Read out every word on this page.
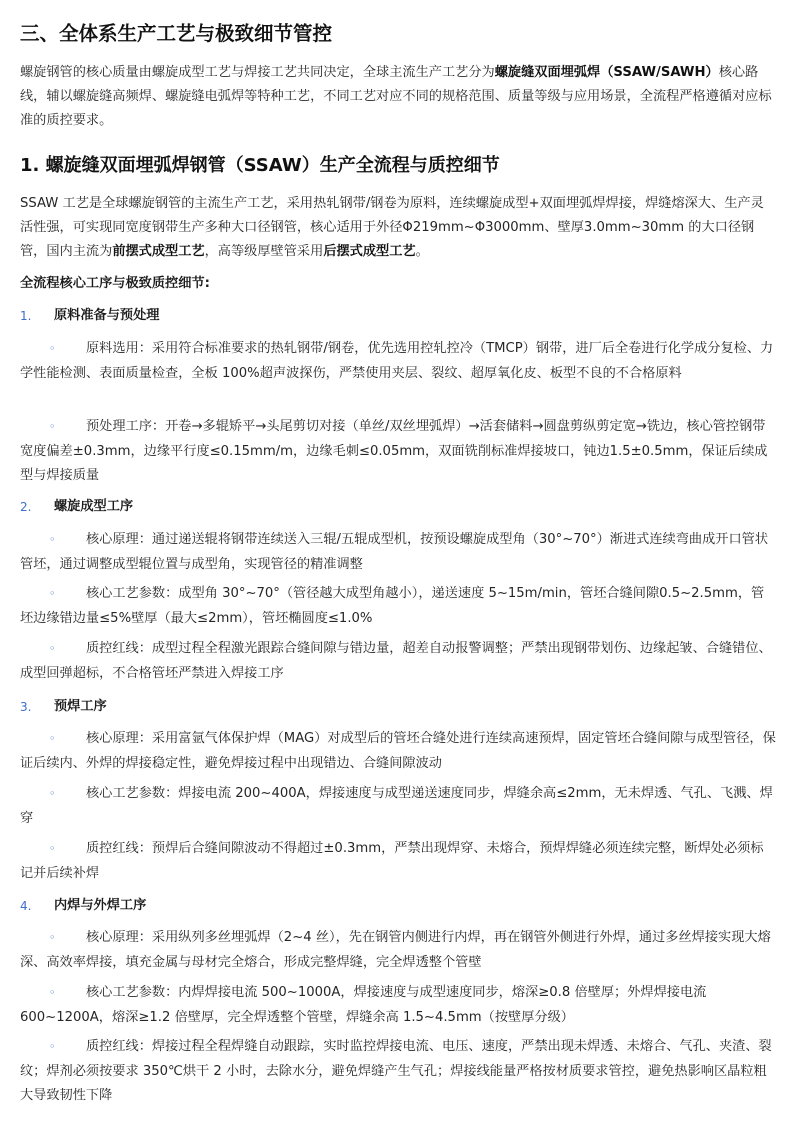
三、全体系生产工艺与极致细节管控

螺旋钢管的核心质量由螺旋成型工艺与焊接工艺共同决定，全球主流生产工艺分为螺旋缝双面埋弧焊（SSAW/SAWH）核心路线，辅以螺旋缝高频焊、螺旋缝电弧焊等特种工艺，不同工艺对应不同的规格范围、质量等级与应用场景，全流程严格遵循对应标准的质控要求。

1. 螺旋缝双面埋弧焊钢管（SSAW）生产全流程与质控细节

SSAW 工艺是全球螺旋钢管的主流生产工艺，采用热轧钢带/钢卷为原料，连续螺旋成型+双面埋弧焊焊接，焊缝熔深大、生产灵活性强，可实现同宽度钢带生产多种大口径钢管，核心适用于外径Φ219mm~Φ3000mm、壁厚3.0mm~30mm 的大口径钢管，国内主流为前摆式成型工艺，高等级厚壁管采用后摆式成型工艺。

全流程核心工序与极致质控细节:

1. 原料准备与预处理
◦	原料选用：采用符合标准要求的热轧钢带/钢卷，优先选用控轧控冷（TMCP）钢带，进厂后全卷进行化学成分复检、力学性能检测、表面质量检查，全板 100%超声波探伤，严禁使用夹层、裂纹、超厚氧化皮、板型不良的不合格原料

◦	预处理工序：开卷→多辊矫平→头尾剪切对接（单丝/双丝埋弧焊）→活套储料→圆盘剪纵剪定宽→铣边，核心管控钢带宽度偏差±0.3mm，边缘平行度≤0.15mm/m，边缘毛刺≤0.05mm，双面铣削标准焊接坡口，钝边1.5±0.5mm，保证后续成型与焊接质量

2. 螺旋成型工序
◦	核心原理：通过递送辊将钢带连续送入三辊/五辊成型机，按预设螺旋成型角（30°~70°）渐进式连续弯曲成开口管状管坯，通过调整成型辊位置与成型角，实现管径的精准调整

◦	核心工艺参数：成型角 30°~70°（管径越大成型角越小），递送速度 5~15m/min，管坯合缝间隙0.5~2.5mm，管坯边缘错边量≤5%壁厚（最大≤2mm），管坯椭圆度≤1.0%

◦	质控红线：成型过程全程激光跟踪合缝间隙与错边量，超差自动报警调整；严禁出现钢带划伤、边缘起皱、合缝错位、成型回弹超标，不合格管坯严禁进入焊接工序

3. 预焊工序
◦	核心原理：采用富氩气体保护焊（MAG）对成型后的管坯合缝处进行连续高速预焊，固定管坯合缝间隙与成型管径，保证后续内、外焊的焊接稳定性，避免焊接过程中出现错边、合缝间隙波动

◦	核心工艺参数：焊接电流 200~400A，焊接速度与成型递送速度同步，焊缝余高≤2mm，无未焊透、气孔、飞溅、焊穿

◦	质控红线：预焊后合缝间隙波动不得超过±0.3mm，严禁出现焊穿、未熔合，预焊焊缝必须连续完整，断焊处必须标记并后续补焊

4. 内焊与外焊工序
◦	核心原理：采用纵列多丝埋弧焊（2~4 丝），先在钢管内侧进行内焊，再在钢管外侧进行外焊，通过多丝焊接实现大熔深、高效率焊接，填充金属与母材完全熔合，形成完整焊缝，完全焊透整个管壁

◦	核心工艺参数：内焊焊接电流 500~1000A，焊接速度与成型速度同步，熔深≥0.8 倍壁厚；外焊焊接电流600~1200A，熔深≥1.2 倍壁厚，完全焊透整个管壁，焊缝余高 1.5~4.5mm（按壁厚分级）

◦	质控红线：焊接过程全程焊缝自动跟踪，实时监控焊接电流、电压、速度，严禁出现未焊透、未熔合、气孔、夹渣、裂纹；焊剂必须按要求 350℃烘干 2 小时，去除水分，避免焊缝产生气孔；焊接线能量严格按材质要求管控，避免热影响区晶粒粗大导致韧性下降
